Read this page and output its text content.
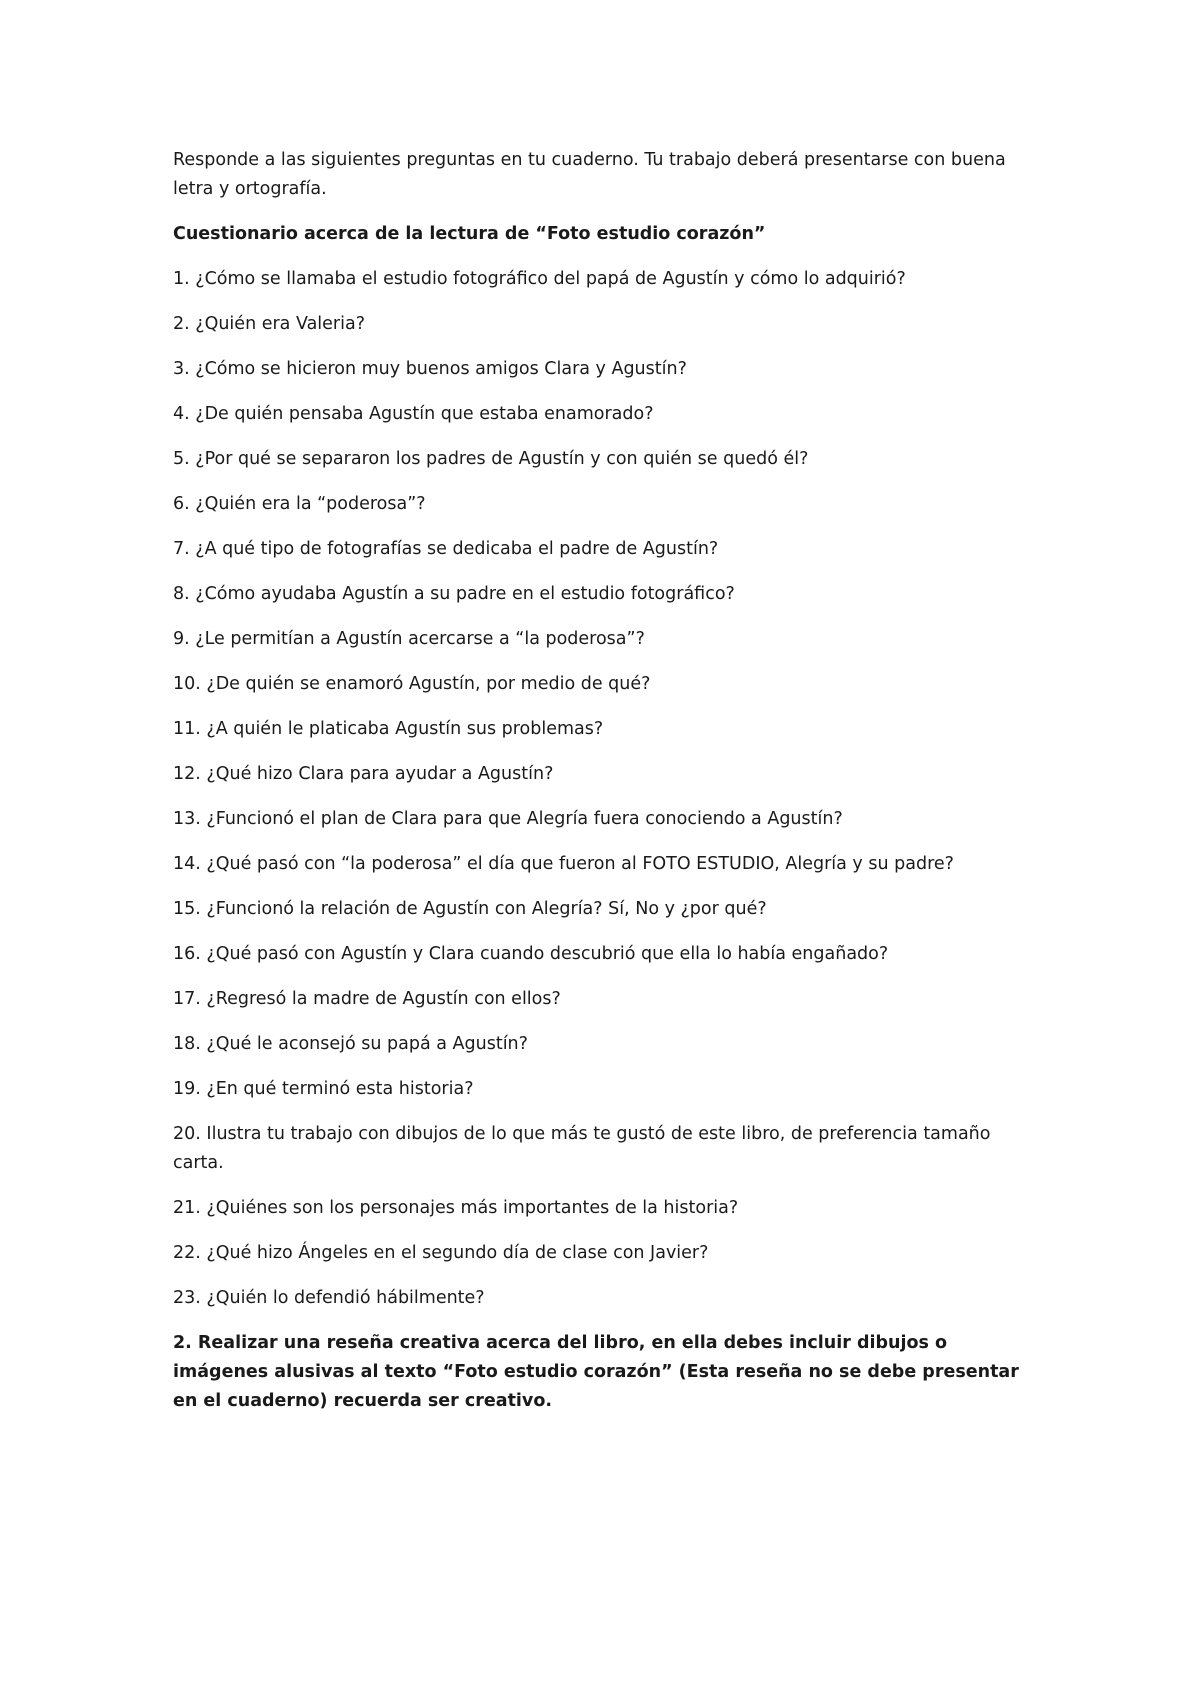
Responde a las siguientes preguntas en tu cuaderno. Tu trabajo deberá presentarse con buena letra y ortografía.

Cuestionario acerca de la lectura de “Foto estudio corazón”

1. ¿Cómo se llamaba el estudio fotográfico del papá de Agustín y cómo lo adquirió?
2. ¿Quién era Valeria?
3. ¿Cómo se hicieron muy buenos amigos Clara y Agustín?
4. ¿De quién pensaba Agustín que estaba enamorado?
5. ¿Por qué se separaron los padres de Agustín y con quién se quedó él?
6. ¿Quién era la “poderosa”?
7. ¿A qué tipo de fotografías se dedicaba el padre de Agustín?
8. ¿Cómo ayudaba Agustín a su padre en el estudio fotográfico?
9. ¿Le permitían a Agustín acercarse a “la poderosa”?
10. ¿De quién se enamoró Agustín, por medio de qué?
11. ¿A quién le platicaba Agustín sus problemas?
12. ¿Qué hizo Clara para ayudar a Agustín?
13. ¿Funcionó el plan de Clara para que Alegría fuera conociendo a Agustín?
14. ¿Qué pasó con “la poderosa” el día que fueron al FOTO ESTUDIO, Alegría y su padre?
15. ¿Funcionó la relación de Agustín con Alegría? Sí, No y ¿por qué?
16. ¿Qué pasó con Agustín y Clara cuando descubrió que ella lo había engañado?
17. ¿Regresó la madre de Agustín con ellos?
18. ¿Qué le aconsejó su papá a Agustín?
19. ¿En qué terminó esta historia?
20. Ilustra tu trabajo con dibujos de lo que más te gustó de este libro, de preferencia tamaño carta.
21. ¿Quiénes son los personajes más importantes de la historia?
22. ¿Qué hizo Ángeles en el segundo día de clase con Javier?
23. ¿Quién lo defendió hábilmente?

2. Realizar una reseña creativa acerca del libro, en ella debes incluir dibujos o imágenes alusivas al texto “Foto estudio corazón” (Esta reseña no se debe presentar en el cuaderno) recuerda ser creativo.
